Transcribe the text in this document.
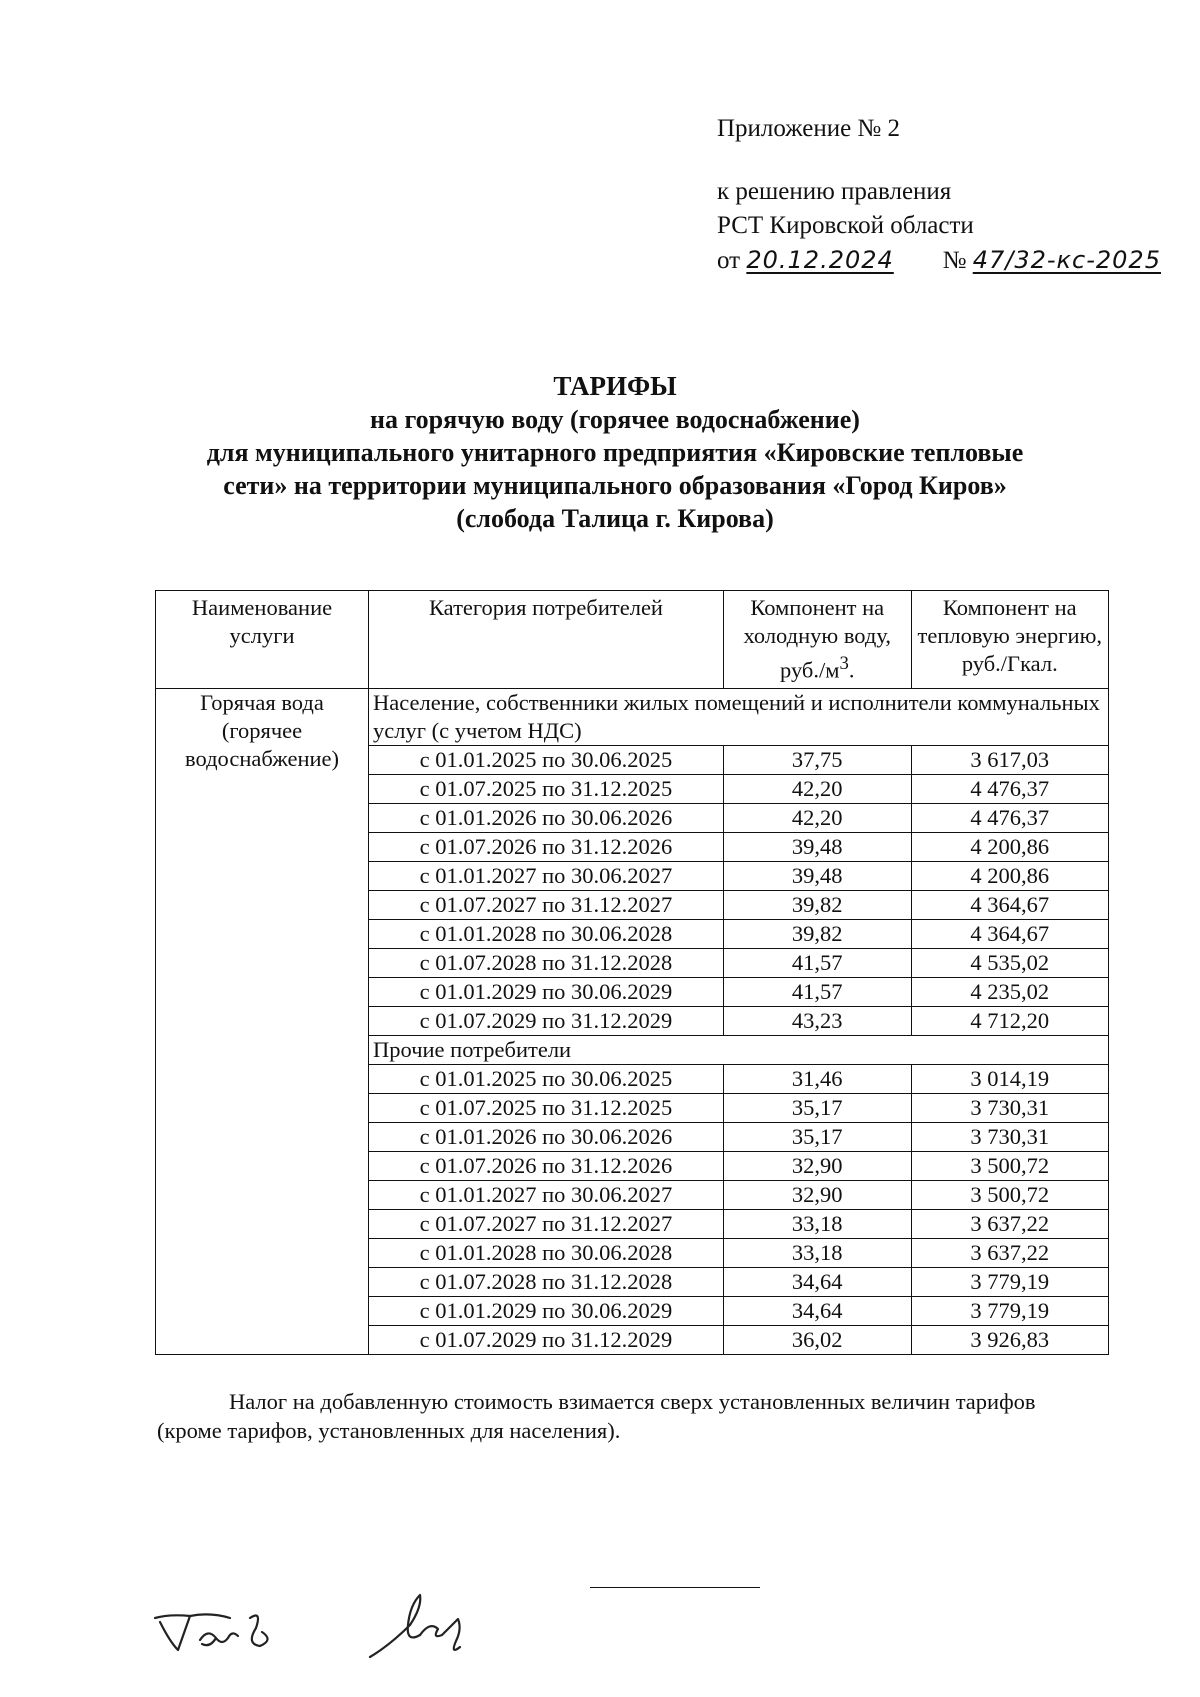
Приложение № 2
к решению правления
РСТ Кировской области
от 20.12.2024 № 47/32-кс-2025
ТАРИФЫ
на горячую воду (горячее водоснабжение)
для муниципального унитарного предприятия «Кировские тепловые
сети» на территории муниципального образования «Город Киров»
(слобода Талица г. Кирова)
Наименование услуги	Категория потребителей	Компонент на холодную воду, $руб./м^3$.	Компонент на тепловую энергию, руб./Гкал.
Горячая вода (горячее водоснабжение)	Население, собственники жилых помещений и исполнители коммунальных услуг (с учетом НДС)		
	с 01.01.2025 по 30.06.2025	37,75	3 617,03
	с 01.07.2025 по 31.12.2025	42,20	4 476,37
	с 01.01.2026 по 30.06.2026	42,20	4 476,37
	с 01.07.2026 по 31.12.2026	39,48	4 200,86
	с 01.01.2027 по 30.06.2027	39,48	4 200,86
	с 01.07.2027 по 31.12.2027	39,82	4 364,67
	с 01.01.2028 по 30.06.2028	39,82	4 364,67
	с 01.07.2028 по 31.12.2028	41,57	4 535,02
	с 01.01.2029 по 30.06.2029	41,57	4 235,02
	с 01.07.2029 по 31.12.2029	43,23	4 712,20
	Прочие потребители		
	с 01.01.2025 по 30.06.2025	31,46	3 014,19
	с 01.07.2025 по 31.12.2025	35,17	3 730,31
	с 01.01.2026 по 30.06.2026	35,17	3 730,31
	с 01.07.2026 по 31.12.2026	32,90	3 500,72
	с 01.01.2027 по 30.06.2027	32,90	3 500,72
	с 01.07.2027 по 31.12.2027	33,18	3 637,22
	с 01.01.2028 по 30.06.2028	33,18	3 637,22
	с 01.07.2028 по 31.12.2028	34,64	3 779,19
	с 01.01.2029 по 30.06.2029	34,64	3 779,19
	с 01.07.2029 по 31.12.2029	36,02	3 926,83
Налог на добавленную стоимость взимается сверх установленных величин тарифов
(кроме тарифов, установленных для населения).
